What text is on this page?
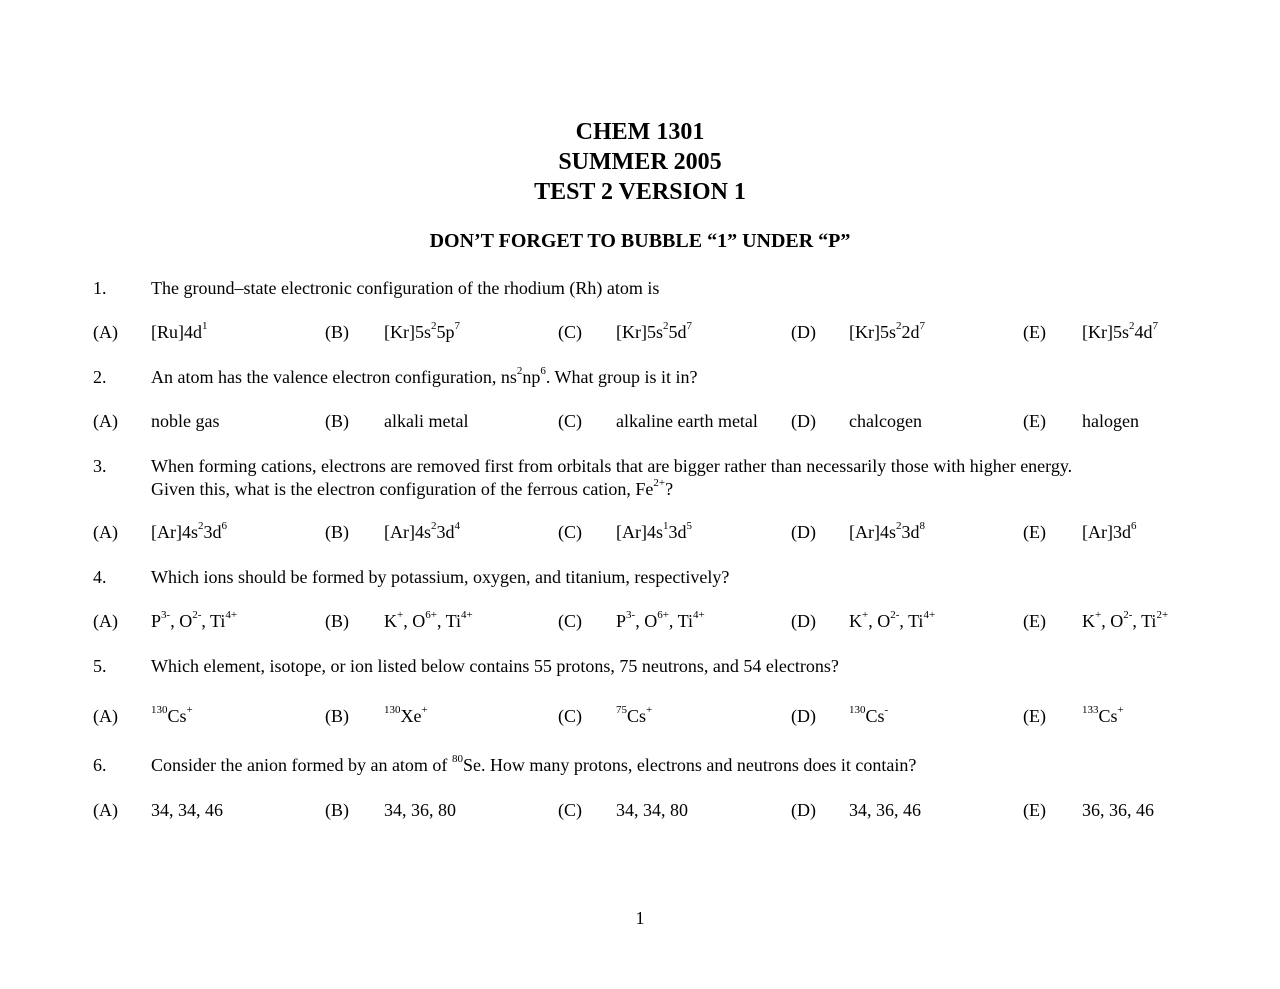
CHEM 1301
SUMMER 2005
TEST 2 VERSION 1
DON’T FORGET TO BUBBLE “1” UNDER “P”
1. The ground–state electronic configuration of the rhodium (Rh) atom is
(A) $[Ru]4d^1$	(B) $[Kr]5s^25p^7$	(C) $[Kr]5s^25d^7$	(D) $[Kr]5s^22d^7$	(E) $[Kr]5s^24d^7$
2. An atom has the valence electron configuration, $ns^2np^6$. What group is it in?
(A) noble gas	(B) alkali metal	(C) alkaline earth metal (D) chalcogen	(E) halogen
3. When forming cations, electrons are removed first from orbitals that are bigger rather than necessarily those with higher energy.
Given this, what is the electron configuration of the ferrous cation, $Fe^{2+}$?
(A) $[Ar]4s^23d^6$	(B) $[Ar]4s^23d^4$	(C) $[Ar]4s^13d^5$	(D) $[Ar]4s^23d^8$	(E) $[Ar]3d^6$
4. Which ions should be formed by potassium, oxygen, and titanium, respectively?
(A) $P^{3-}$, $O^{2-}$, $Ti^{4+}$	(B) K+, $O^{6+}$, $Ti^{4+}$	(C) $P^{3-}$, $O^{6+}$, $Ti^{4+}$	(D) K+, $O^{2-}$, $Ti^{4+}$	(E) K+, $O^{2-}$, $Ti^{2+}$
5. Which element, isotope, or ion listed below contains 55 protons, 75 neutrons, and 54 electrons?
(A)	$^{130}$Cs+	(B)	$^{130}$Xe+	(C)	$^{75}$Cs+	(D)	$^{130}$Cs-	(E)	$^{133}$Cs+
6. Consider the anion formed by an atom of $^{80}$Se. How many protons, electrons and neutrons does it contain?
(A) 34, 34, 46	(B) 34, 36, 80	(C) 34, 34, 80	(D) 34, 36, 46	(E) 36, 36, 46
1
